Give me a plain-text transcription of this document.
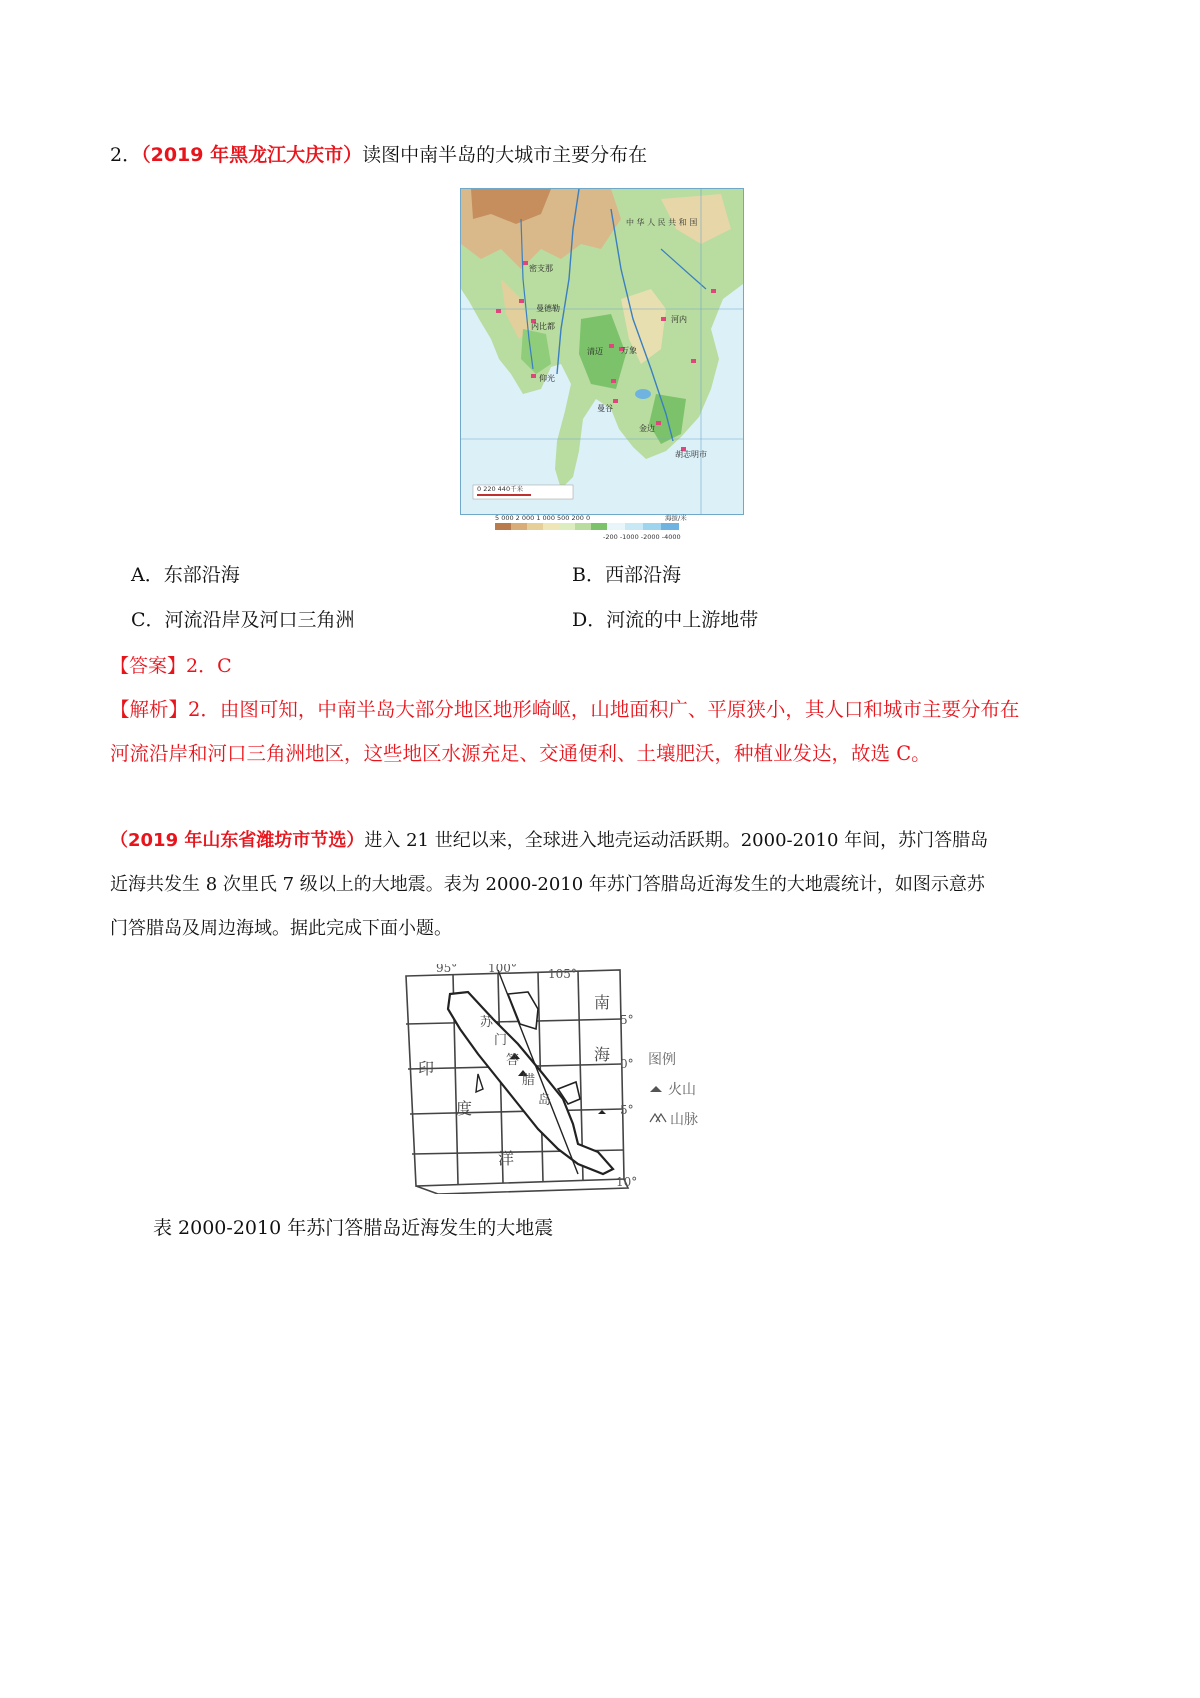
2．（2019 年黑龙江大庆市）读图中南半岛的大城市主要分布在
中 华 人 民 共 和 国
密支那
曼德勒
内比都
仰光
河内
清迈 万象
曼谷
金边
胡志明市
0 220 440千米
5 000 2 000 1 000 500 200 0	海拔/米
-200 -1000 -2000 -4000
A．东部沿海	B．西部沿海
C．河流沿岸及河口三角洲	D．河流的中上游地带
【答案】2．C
【解析】2．由图可知，中南半岛大部分地区地形崎岖，山地面积广、平原狭小，其人口和城市主要分布在
河流沿岸和河口三角洲地区，这些地区水源充足、交通便利、土壤肥沃，种植业发达，故选 C。
（2019 年山东省潍坊市节选）进入 21 世纪以来，全球进入地壳运动活跃期。2000-2010 年间，苏门答腊岛
近海共发生 8 次里氏 7 级以上的大地震。表为 2000-2010 年苏门答腊岛近海发生的大地震统计，如图示意苏
门答腊岛及周边海域。据此完成下面小题。
95°	100°	105°
5°
0°
5°
10°
南
海
印
度
洋
苏
门
答
腊
岛
图例
火山
山脉
表 2000-2010 年苏门答腊岛近海发生的大地震
